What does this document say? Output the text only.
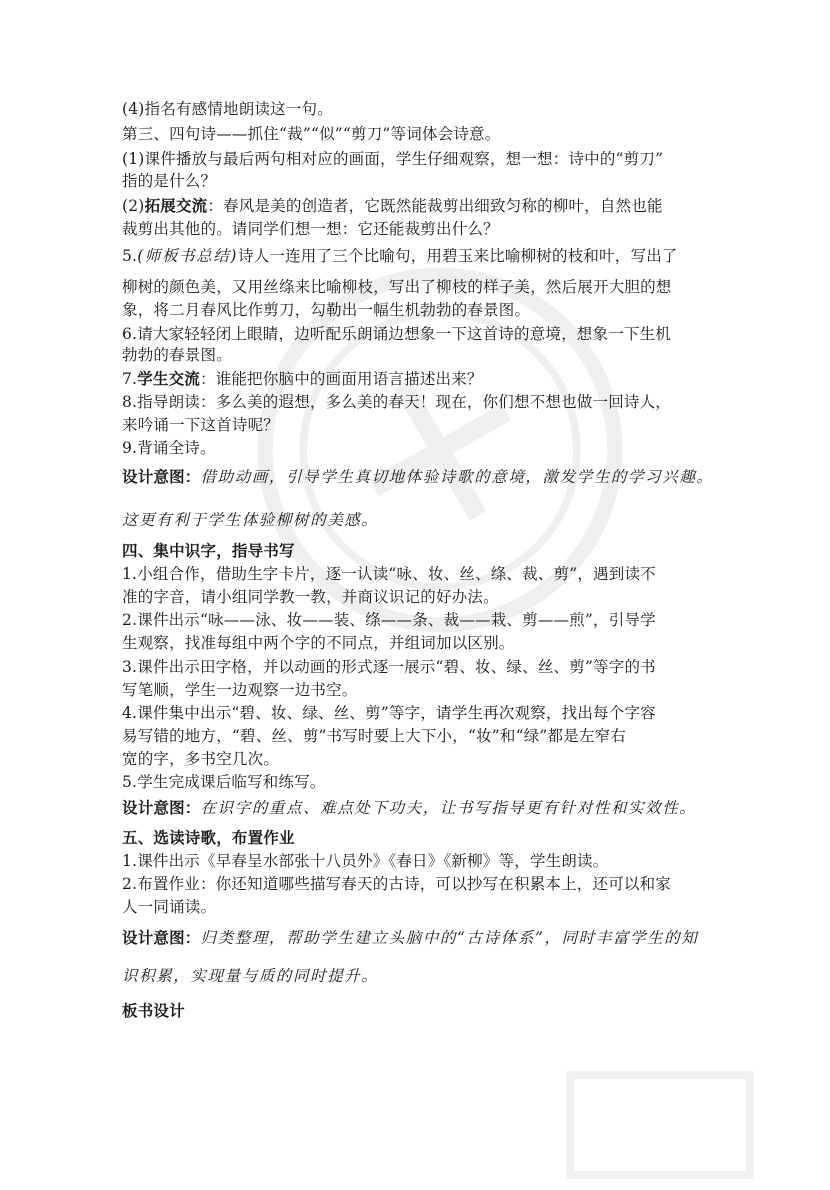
(4)指名有感情地朗读这一句。
第三、四句诗——抓住“裁”“似”“剪刀”等词体会诗意。
(1)课件播放与最后两句相对应的画面，学生仔细观察，想一想：诗中的“剪刀”
指的是什么？
(2)拓展交流：春风是美的创造者，它既然能裁剪出细致匀称的柳叶，自然也能
裁剪出其他的。请同学们想一想：它还能裁剪出什么？
5.(师板书总结)诗人一连用了三个比喻句，用碧玉来比喻柳树的枝和叶，写出了
柳树的颜色美，又用丝绦来比喻柳枝，写出了柳枝的样子美，然后展开大胆的想
象，将二月春风比作剪刀，勾勒出一幅生机勃勃的春景图。
6.请大家轻轻闭上眼睛，边听配乐朗诵边想象一下这首诗的意境，想象一下生机
勃勃的春景图。
7.学生交流：谁能把你脑中的画面用语言描述出来？
8.指导朗读：多么美的遐想，多么美的春天！现在，你们想不想也做一回诗人，
来吟诵一下这首诗呢？
9.背诵全诗。
设计意图：借助动画，引导学生真切地体验诗歌的意境，激发学生的学习兴趣。
这更有利于学生体验柳树的美感。
四、集中识字，指导书写
1.小组合作，借助生字卡片，逐一认读“咏、妆、丝、绦、裁、剪”，遇到读不
准的字音，请小组同学教一教，并商议识记的好办法。
2.课件出示“咏——泳、妆——装、绦——条、裁——栽、剪——煎”，引导学
生观察，找准每组中两个字的不同点，并组词加以区别。
3.课件出示田字格，并以动画的形式逐一展示“碧、妆、绿、丝、剪”等字的书
写笔顺，学生一边观察一边书空。
4.课件集中出示“碧、妆、绿、丝、剪”等字，请学生再次观察，找出每个字容
易写错的地方，“碧、丝、剪”书写时要上大下小，“妆”和“绿”都是左窄右
宽的字，多书空几次。
5.学生完成课后临写和练写。
设计意图：在识字的重点、难点处下功夫，让书写指导更有针对性和实效性。
五、选读诗歌，布置作业
1.课件出示《早春呈水部张十八员外》《春日》《新柳》等，学生朗读。
2.布置作业：你还知道哪些描写春天的古诗，可以抄写在积累本上，还可以和家
人一同诵读。
设计意图：归类整理，帮助学生建立头脑中的“古诗体系”，同时丰富学生的知
识积累，实现量与质的同时提升。
板书设计
